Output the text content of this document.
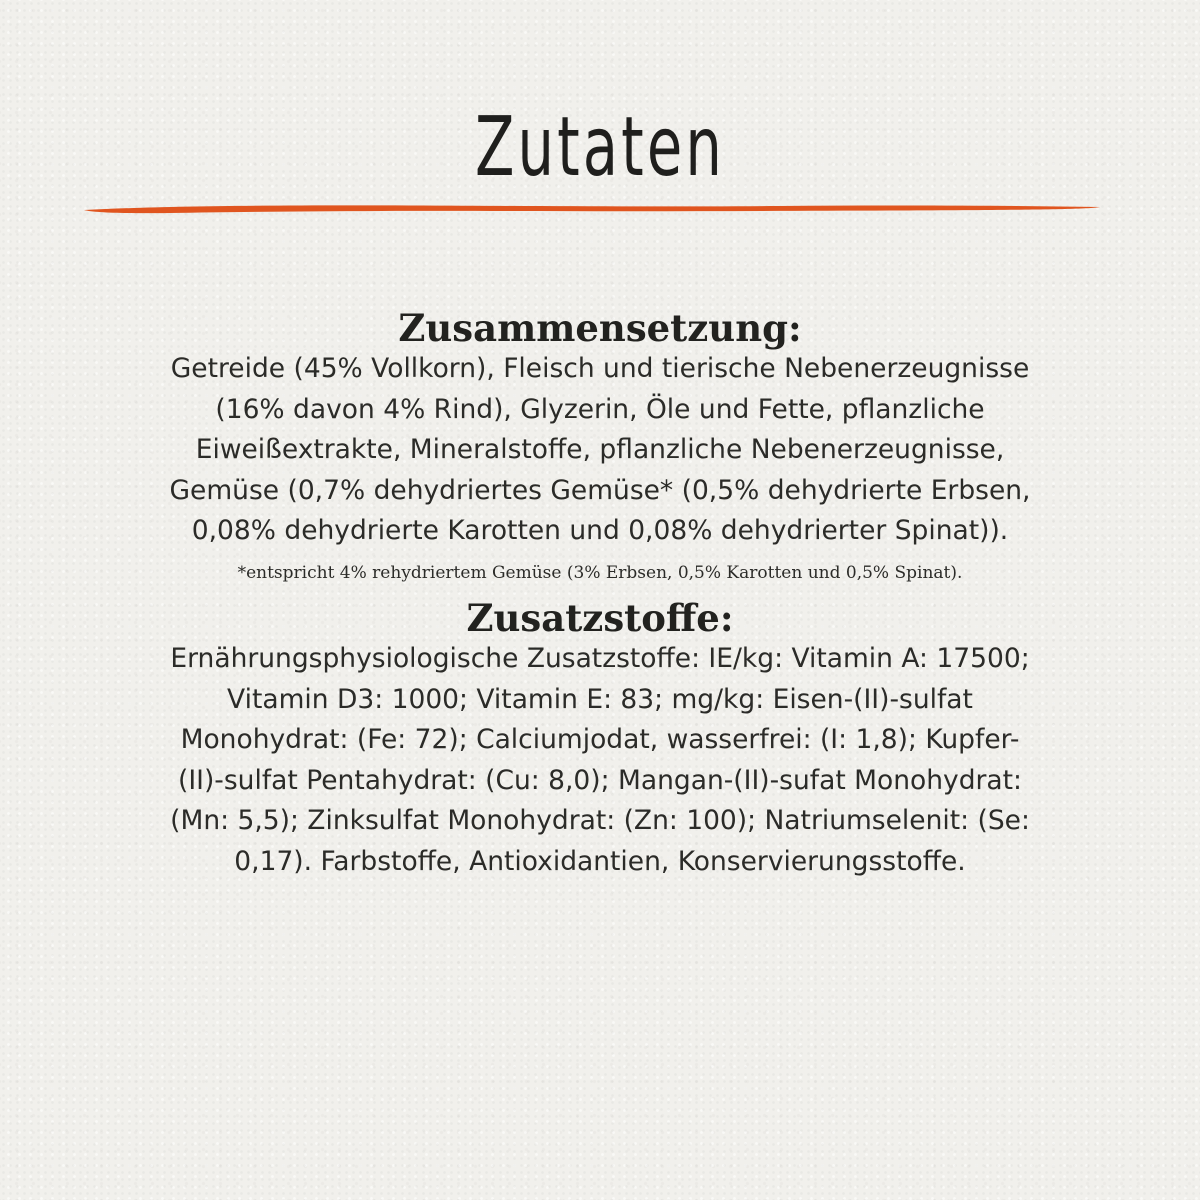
Zutaten
Zusammensetzung:

Getreide (45% Vollkorn), Fleisch und tierische Nebenerzeugnisse (16% davon 4% Rind), Glyzerin, Öle und Fette, pflanzliche Eiweißextrakte, Mineralstoffe, pflanzliche Nebenerzeugnisse, Gemüse (0,7% dehydriertes Gemüse* (0,5% dehydrierte Erbsen, 0,08% dehydrierte Karotten und 0,08% dehydrierter Spinat)).

*entspricht 4% rehydriertem Gemüse (3% Erbsen, 0,5% Karotten und 0,5% Spinat).

Zusatzstoffe:

Ernährungsphysiologische Zusatzstoffe: IE/kg: Vitamin A: 17500; Vitamin D3: 1000; Vitamin E: 83; mg/kg: Eisen-(II)-sulfat Monohydrat: (Fe: 72); Calciumjodat, wasserfrei: (I: 1,8); Kupfer-(II)-sulfat Pentahydrat: (Cu: 8,0); Mangan-(II)-sufat Monohydrat: (Mn: 5,5); Zinksulfat Monohydrat: (Zn: 100); Natriumselenit: (Se: 0,17). Farbstoffe, Antioxidantien, Konservierungsstoffe.
